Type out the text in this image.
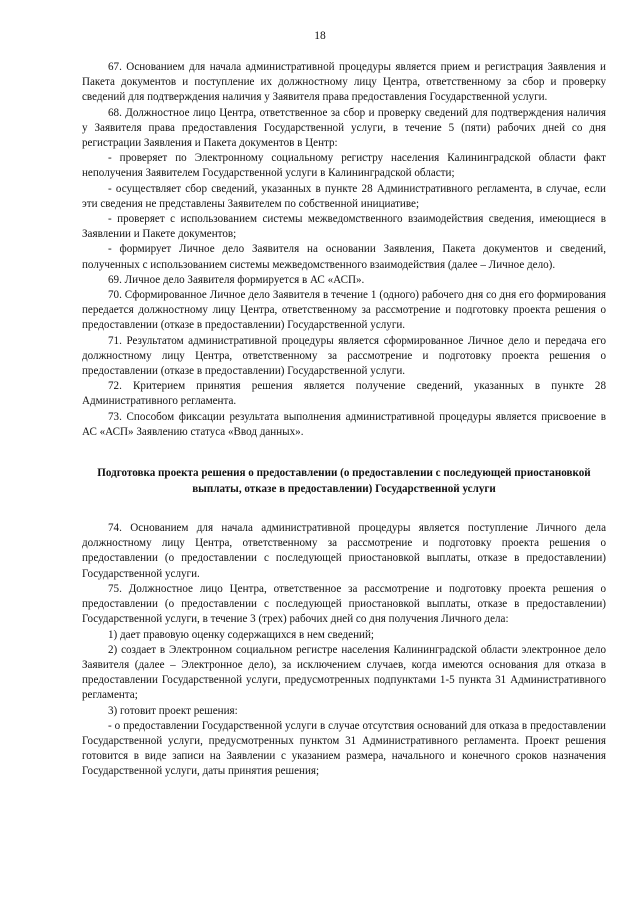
18

67. Основанием для начала административной процедуры является прием и регистрация Заявления и Пакета документов и поступление их должностному лицу Центра, ответственному за сбор и проверку сведений для подтверждения наличия у Заявителя права предоставления Государственной услуги.

68. Должностное лицо Центра, ответственное за сбор и проверку сведений для подтверждения наличия у Заявителя права предоставления Государственной услуги, в течение 5 (пяти) рабочих дней со дня регистрации Заявления и Пакета документов в Центр:

- проверяет по Электронному социальному регистру населения Калининградской области факт неполучения Заявителем Государственной услуги в Калининградской области;

- осуществляет сбор сведений, указанных в пункте 28 Административного регламента, в случае, если эти сведения не представлены Заявителем по собственной инициативе;

- проверяет с использованием системы межведомственного взаимодействия сведения, имеющиеся в Заявлении и Пакете документов;

- формирует Личное дело Заявителя на основании Заявления, Пакета документов и сведений, полученных с использованием системы межведомственного взаимодействия (далее – Личное дело).

69. Личное дело Заявителя формируется в АС «АСП».

70. Сформированное Личное дело Заявителя в течение 1 (одного) рабочего дня со дня его формирования передается должностному лицу Центра, ответственному за рассмотрение и подготовку проекта решения о предоставлении (отказе в предоставлении) Государственной услуги.

71. Результатом административной процедуры является сформированное Личное дело и передача его должностному лицу Центра, ответственному за рассмотрение и подготовку проекта решения о предоставлении (отказе в предоставлении) Государственной услуги.

72. Критерием принятия решения является получение сведений, указанных в пункте 28 Административного регламента.

73. Способом фиксации результата выполнения административной процедуры является присвоение в АС «АСП» Заявлению статуса «Ввод данных».

Подготовка проекта решения о предоставлении (о предоставлении с последующей приостановкой выплаты, отказе в предоставлении) Государственной услуги

74. Основанием для начала административной процедуры является поступление Личного дела должностному лицу Центра, ответственному за рассмотрение и подготовку проекта решения о предоставлении (о предоставлении с последующей приостановкой выплаты, отказе в предоставлении) Государственной услуги.

75. Должностное лицо Центра, ответственное за рассмотрение и подготовку проекта решения о предоставлении (о предоставлении с последующей приостановкой выплаты, отказе в предоставлении) Государственной услуги, в течение 3 (трех) рабочих дней со дня получения Личного дела:

1) дает правовую оценку содержащихся в нем сведений;

2) создает в Электронном социальном регистре населения Калининградской области электронное дело Заявителя (далее – Электронное дело), за исключением случаев, когда имеются основания для отказа в предоставлении Государственной услуги, предусмотренных подпунктами 1-5 пункта 31 Административного регламента;

3) готовит проект решения:

- о предоставлении Государственной услуги в случае отсутствия оснований для отказа в предоставлении Государственной услуги, предусмотренных пунктом 31 Административного регламента. Проект решения готовится в виде записи на Заявлении с указанием размера, начального и конечного сроков назначения Государственной услуги, даты принятия решения;
